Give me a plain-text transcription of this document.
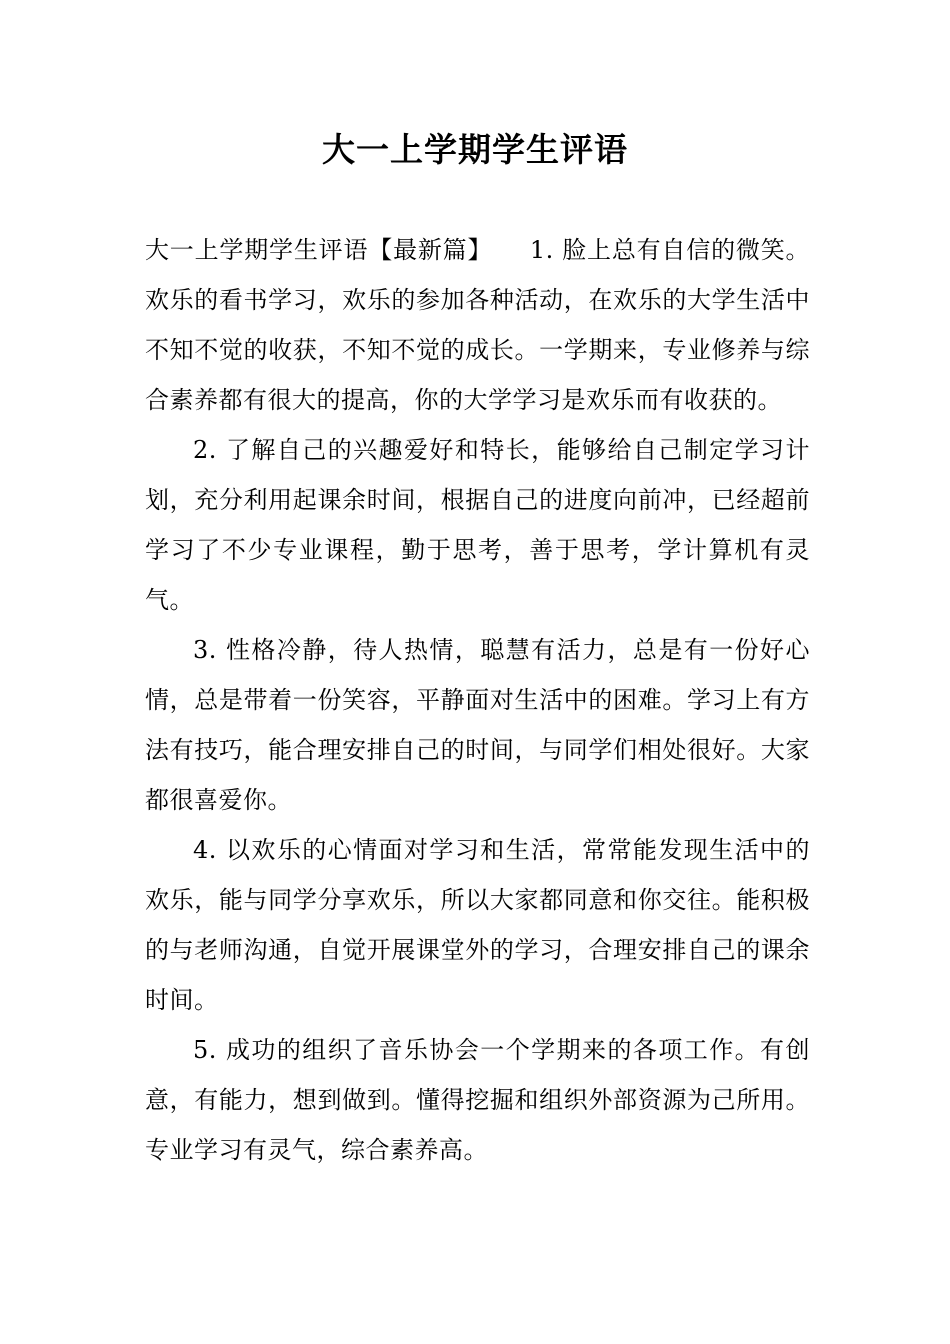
大一上学期学生评语

大一上学期学生评语【最新篇】　　1. 脸上总有自信的微笑。欢乐的看书学习，欢乐的参加各种活动，在欢乐的大学生活中不知不觉的收获，不知不觉的成长。一学期来，专业修养与综合素养都有很大的提高，你的大学学习是欢乐而有收获的。

2. 了解自己的兴趣爱好和特长，能够给自己制定学习计划，充分利用起课余时间，根据自己的进度向前冲，已经超前学习了不少专业课程，勤于思考，善于思考，学计算机有灵气。

3. 性格冷静，待人热情，聪慧有活力，总是有一份好心情，总是带着一份笑容，平静面对生活中的困难。学习上有方法有技巧，能合理安排自己的时间，与同学们相处很好。大家都很喜爱你。

4. 以欢乐的心情面对学习和生活，常常能发现生活中的欢乐，能与同学分享欢乐，所以大家都同意和你交往。能积极的与老师沟通，自觉开展课堂外的学习，合理安排自己的课余时间。

5. 成功的组织了音乐协会一个学期来的各项工作。有创意，有能力，想到做到。懂得挖掘和组织外部资源为己所用。专业学习有灵气，综合素养高。
